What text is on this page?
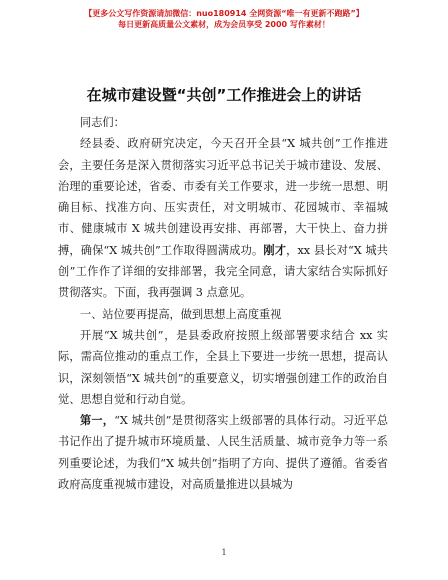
【更多公文写作资源请加微信：nuo180914 全网资源“唯一有更新不跑路”】
每日更新高质量公文素材，成为会员享受 2000 写作素材！
在城市建设暨“共创”工作推进会上的讲话

同志们：

经县委、政府研究决定，今天召开全县“X 城共创”工作推进会，主要任务是深入贯彻落实习近平总书记关于城市建设、发展、治理的重要论述，省委、市委有关工作要求，进一步统一思想、明确目标、找准方向、压实责任，对文明城市、花园城市、幸福城市、健康城市 X 城共创建设再安排、再部署，大干快上、奋力拼搏，确保“X 城共创”工作取得圆满成功。刚才，xx 县长对“X 城共创”工作作了详细的安排部署，我完全同意，请大家结合实际抓好贯彻落实。下面，我再强调 3 点意见。

一、站位要再提高，做到思想上高度重视

开展“X 城共创”，是县委政府按照上级部署要求结合 xx 实际，需高位推动的重点工作，全县上下要进一步统一思想，提高认识，深刻领悟“X 城共创”的重要意义，切实增强创建工作的政治自觉、思想自觉和行动自觉。

第一，“X 城共创”是贯彻落实上级部署的具体行动。习近平总书记作出了提升城市环境质量、人民生活质量、城市竞争力等一系列重要论述，为我们“X 城共创”指明了方向、提供了遵循。省委省政府高度重视城市建设，对高质量推进以县城为

1
